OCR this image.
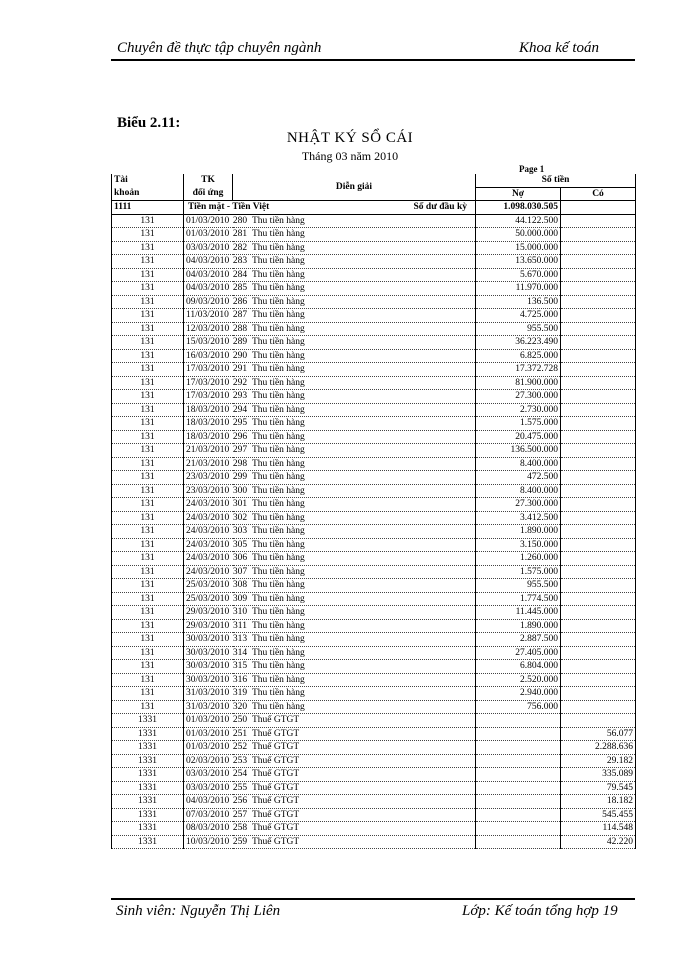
Chuyên đề thực tập chuyên ngành	Khoa kế toán
Biểu 2.11:
NHẬT KÝ SỔ CÁI
Tháng 03 năm 2010
Page 1
Tài	TK	Diễn giải	Số tiền	
khoản	đối ứng		Nợ	Có
1111	Tiền mặt - Tiền Việt Số dư đầu kỳ		1.098.030.505	
131	01/03/2010 280 Thu tiền hàng		44.122.500	
131	01/03/2010 281 Thu tiền hàng		50.000.000	
131	03/03/2010 282 Thu tiền hàng		15.000.000	
131	04/03/2010 283 Thu tiền hàng		13.650.000	
131	04/03/2010 284 Thu tiền hàng		5.670.000	
131	04/03/2010 285 Thu tiền hàng		11.970.000	
131	09/03/2010 286 Thu tiền hàng		136.500	
131	11/03/2010 287 Thu tiền hàng		4.725.000	
131	12/03/2010 288 Thu tiền hàng		955.500	
131	15/03/2010 289 Thu tiền hàng		36.223.490	
131	16/03/2010 290 Thu tiền hàng		6.825.000	
131	17/03/2010 291 Thu tiền hàng		17.372.728	
131	17/03/2010 292 Thu tiền hàng		81.900.000	
131	17/03/2010 293 Thu tiền hàng		27.300.000	
131	18/03/2010 294 Thu tiền hàng		2.730.000	
131	18/03/2010 295 Thu tiền hàng		1.575.000	
131	18/03/2010 296 Thu tiền hàng		20.475.000	
131	21/03/2010 297 Thu tiền hàng		136.500.000	
131	21/03/2010 298 Thu tiền hàng		8.400.000	
131	23/03/2010 299 Thu tiền hàng		472.500	
131	23/03/2010 300 Thu tiền hàng		8.400.000	
131	24/03/2010 301 Thu tiền hàng		27.300.000	
131	24/03/2010 302 Thu tiền hàng		3.412.500	
131	24/03/2010 303 Thu tiền hàng		1.890.000	
131	24/03/2010 305 Thu tiền hàng		3.150.000	
131	24/03/2010 306 Thu tiền hàng		1.260.000	
131	24/03/2010 307 Thu tiền hàng		1.575.000	
131	25/03/2010 308 Thu tiền hàng		955.500	
131	25/03/2010 309 Thu tiền hàng		1.774.500	
131	29/03/2010 310 Thu tiền hàng		11.445.000	
131	29/03/2010 311 Thu tiền hàng		1.890.000	
131	30/03/2010 313 Thu tiền hàng		2.887.500	
131	30/03/2010 314 Thu tiền hàng		27.405.000	
131	30/03/2010 315 Thu tiền hàng		6.804.000	
131	30/03/2010 316 Thu tiền hàng		2.520.000	
131	31/03/2010 319 Thu tiền hàng		2.940.000	
131	31/03/2010 320 Thu tiền hàng		756.000	
1331	01/03/2010 250 Thuế GTGT			
1331	01/03/2010 251 Thuế GTGT			56.077
1331	01/03/2010 252 Thuế GTGT			2.288.636
1331	02/03/2010 253 Thuế GTGT			29.182
1331	03/03/2010 254 Thuế GTGT			335.089
1331	03/03/2010 255 Thuế GTGT			79.545
1331	04/03/2010 256 Thuế GTGT			18.182
1331	07/03/2010 257 Thuế GTGT			545.455
1331	08/03/2010 258 Thuế GTGT			114.548
1331	10/03/2010 259 Thuế GTGT			42.220
Sinh viên: Nguyễn Thị Liên	Lớp: Kế toán tổng hợp 19
